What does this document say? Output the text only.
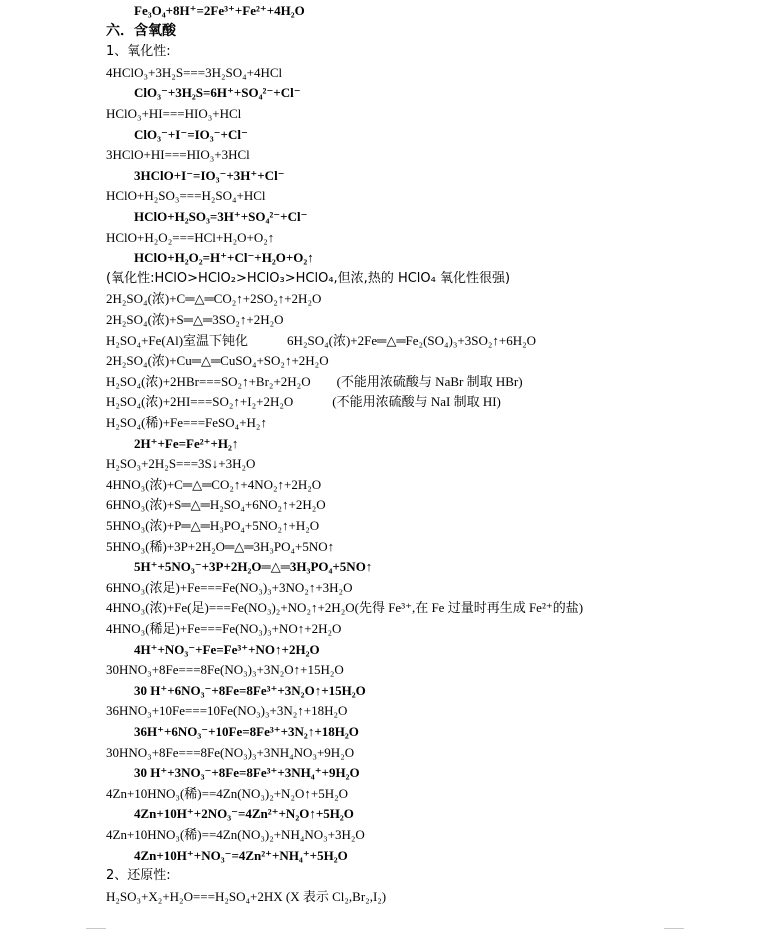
Fe₃O₄+8H⁺=2Fe³⁺+Fe²⁺+4H₂O
六．含氧酸
1、氧化性:
4HClO₃+3H₂S===3H₂SO₄+4HCl
ClO₃⁻+3H₂S=6H⁺+SO₄²⁻+Cl⁻
HClO₃+HI===HIO₃+HCl
ClO₃⁻+I⁻=IO₃⁻+Cl⁻
3HClO+HI===HIO₃+3HCl
3HClO+I⁻=IO₃⁻+3H⁺+Cl⁻
HClO+H₂SO₃===H₂SO₄+HCl
HClO+H₂SO₃=3H⁺+SO₄²⁻+Cl⁻
HClO+H₂O₂===HCl+H₂O+O₂↑
HClO+H₂O₂=H⁺+Cl⁻+H₂O+O₂↑
(氧化性:HClO>HClO₂>HClO₃>HClO₄,但浓,热的 HClO₄ 氧化性很强)
2H₂SO₄(浓)+C═△═CO₂↑+2SO₂↑+2H₂O
2H₂SO₄(浓)+S═△═3SO₂↑+2H₂O
H₂SO₄+Fe(Al)室温下钝化　　　6H₂SO₄(浓)+2Fe═△═Fe₂(SO₄)₃+3SO₂↑+6H₂O
2H₂SO₄(浓)+Cu═△═CuSO₄+SO₂↑+2H₂O
H₂SO₄(浓)+2HBr===SO₂↑+Br₂+2H₂O　　(不能用浓硫酸与 NaBr 制取 HBr)
H₂SO₄(浓)+2HI===SO₂↑+I₂+2H₂O　　　(不能用浓硫酸与 NaI 制取 HI)
H₂SO₄(稀)+Fe===FeSO₄+H₂↑
2H⁺+Fe=Fe²⁺+H₂↑
H₂SO₃+2H₂S===3S↓+3H₂O
4HNO₃(浓)+C═△═CO₂↑+4NO₂↑+2H₂O
6HNO₃(浓)+S═△═H₂SO₄+6NO₂↑+2H₂O
5HNO₃(浓)+P═△═H₃PO₄+5NO₂↑+H₂O
5HNO₃(稀)+3P+2H₂O═△═3H₃PO₄+5NO↑
5H⁺+5NO₃⁻+3P+2H₂O═△═3H₃PO₄+5NO↑
6HNO₃(浓足)+Fe===Fe(NO₃)₃+3NO₂↑+3H₂O
4HNO₃(浓)+Fe(足)===Fe(NO₃)₂+NO₂↑+2H₂O(先得 Fe³⁺,在 Fe 过量时再生成 Fe²⁺的盐)
4HNO₃(稀足)+Fe===Fe(NO₃)₃+NO↑+2H₂O
4H⁺+NO₃⁻+Fe=Fe³⁺+NO↑+2H₂O
30HNO₃+8Fe===8Fe(NO₃)₃+3N₂O↑+15H₂O
30 H⁺+6NO₃⁻+8Fe=8Fe³⁺+3N₂O↑+15H₂O
36HNO₃+10Fe===10Fe(NO₃)₃+3N₂↑+18H₂O
36H⁺+6NO₃⁻+10Fe=8Fe³⁺+3N₂↑+18H₂O
30HNO₃+8Fe===8Fe(NO₃)₃+3NH₄NO₃+9H₂O
30 H⁺+3NO₃⁻+8Fe=8Fe³⁺+3NH₄⁺+9H₂O
4Zn+10HNO₃(稀)==4Zn(NO₃)₂+N₂O↑+5H₂O
4Zn+10H⁺+2NO₃⁻=4Zn²⁺+N₂O↑+5H₂O
4Zn+10HNO₃(稀)==4Zn(NO₃)₂+NH₄NO₃+3H₂O
4Zn+10H⁺+NO₃⁻=4Zn²⁺+NH₄⁺+5H₂O
2、还原性:
H₂SO₃+X₂+H₂O===H₂SO₄+2HX (X 表示 Cl₂,Br₂,I₂)
